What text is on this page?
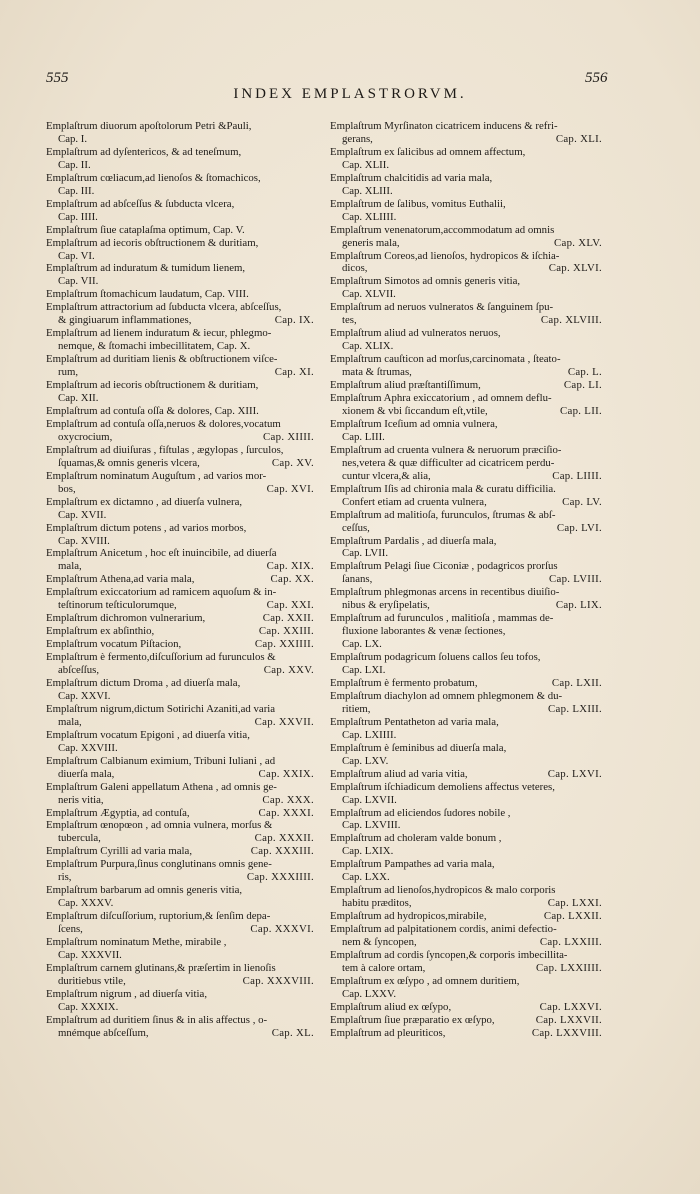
555	556
INDEX EMPLASTRORVM.
Emplaſtrum diuorum apoſtolorum Petri &Pauli,
Cap. I.
Emplaſtrum ad dyſentericos, & ad teneſmum,
Cap. II.
Emplaſtrum cœliacum,ad lienoſos & ſtomachicos,
Cap. III.
Emplaſtrum ad abſceſſus & ſubducta vlcera,
Cap. IIII.
Emplaſtrum ſiue cataplaſma optimum, Cap. V.
Emplaſtrum ad iecoris obſtructionem & duritiam,
Cap. VI.
Emplaſtrum ad induratum & tumidum lienem,
Cap. VII.
Emplaſtrum ſtomachicum laudatum, Cap. VIII.
Emplaſtrum attractorium ad ſubducta vlcera, abſceſſus,
& gingiuarum inflammationes,	Cap. IX.
Emplaſtrum ad lienem induratum & iecur, phlegmo-
nemque, & ſtomachi imbecillitatem, Cap. X.
Emplaſtrum ad duritiam lienis & obſtructionem viſce-
rum,	Cap. XI.
Emplaſtrum ad iecoris obſtructionem & duritiam,
Cap. XII.
Emplaſtrum ad contuſa oſſa & dolores, Cap. XIII.
Emplaſtrum ad contuſa oſſa,neruos & dolores,vocatum
oxycrocium,	Cap. XIIII.
Emplaſtrum ad diuiſuras , fiſtulas , ægylopas , ſurculos,
ſquamas,& omnis generis vlcera,	Cap. XV.
Emplaſtrum nominatum Auguſtum , ad varios mor-
bos,	Cap. XVI.
Emplaſtrum ex dictamno , ad diuerſa vulnera,
Cap. XVII.
Emplaſtrum dictum potens , ad varios morbos,
Cap. XVIII.
Emplaſtrum Anicetum , hoc eſt inuincibile, ad diuerſa
mala,	Cap. XIX.
Emplaſtrum Athena,ad varia mala,	Cap. XX.
Emplaſtrum exiccatorium ad ramicem aquoſum & in-
teſtinorum teſticulorumque,	Cap. XXI.
Emplaſtrum dichromon vulnerarium,	Cap. XXII.
Emplaſtrum ex abſinthio,	Cap. XXIII.
Emplaſtrum vocatum Piſtacion,	Cap. XXIIII.
Emplaſtrum è fermento,diſcuſſorium ad furunculos &
abſceſſus,	Cap. XXV.
Emplaſtrum dictum Droma , ad diuerſa mala,
Cap. XXVI.
Emplaſtrum nigrum,dictum Sotirichi Azaniti,ad varia
mala,	Cap. XXVII.
Emplaſtrum vocatum Epigoni , ad diuerſa vitia,
Cap. XXVIII.
Emplaſtrum Calbianum eximium, Tribuni Iuliani , ad
diuerſa mala,	Cap. XXIX.
Emplaſtrum Galeni appellatum Athena , ad omnis ge-
neris vitia,	Cap. XXX.
Emplaſtrum Ægyptia, ad contuſa,	Cap. XXXI.
Emplaſtrum œnopœon , ad omnia vulnera, morſus &
tubercula,	Cap. XXXII.
Emplaſtrum Cyrilli ad varia mala,	Cap. XXXIII.
Emplaſtrum Purpura,ſinus conglutinans omnis gene-
ris,	Cap. XXXIIII.
Emplaſtrum barbarum ad omnis generis vitia,
Cap. XXXV.
Emplaſtrum diſcuſſorium, ruptorium,& ſenſim depa-
ſcens,	Cap. XXXVI.
Emplaſtrum nominatum Methe, mirabile ,
Cap. XXXVII.
Emplaſtrum carnem glutinans,& præſertim in lienoſis
duritiebus vtile,	Cap. XXXVIII.
Emplaſtrum nigrum , ad diuerſa vitia,
Cap. XXXIX.
Emplaſtrum ad duritiem ſinus & in alis affectus , o-
mnémque abſceſſum,	Cap. XL.
Emplaſtrum Myrſinaton cicatricem inducens & refri-
gerans,	Cap. XLI.
Emplaſtrum ex ſalicibus ad omnem affectum,
Cap. XLII.
Emplaſtrum chalcitidis ad varia mala,
Cap. XLIII.
Emplaſtrum de ſalibus, vomitus Euthalii,
Cap. XLIIII.
Emplaſtrum venenatorum,accommodatum ad omnis
generis mala,	Cap. XLV.
Emplaſtrum Coreos,ad lienoſos, hydropicos & iſchia-
dicos,	Cap. XLVI.
Emplaſtrum Simotos ad omnis generis vitia,
Cap. XLVII.
Emplaſtrum ad neruos vulneratos & ſanguinem ſpu-
tes,	Cap. XLVIII.
Emplaſtrum aliud ad vulneratos neruos,
Cap. XLIX.
Emplaſtrum cauſticon ad morſus,carcinomata , ſteato-
mata & ſtrumas,	Cap. L.
Emplaſtrum aliud præſtantiſſimum,	Cap. LI.
Emplaſtrum Aphra exiccatorium , ad omnem deflu-
xionem & vbi ſiccandum eſt,vtile,	Cap. LII.
Emplaſtrum Iceſium ad omnia vulnera,
Cap. LIII.
Emplaſtrum ad cruenta vulnera & neruorum præciſio-
nes,vetera & quæ difficulter ad cicatricem perdu-
cuntur vlcera,& alia,	Cap. LIIII.
Emplaſtrum Iſis ad chironia mala & curatu difficilia.
Confert etiam ad cruenta vulnera,	Cap. LV.
Emplaſtrum ad malitioſa, furunculos, ſtrumas & abſ-
ceſſus,	Cap. LVI.
Emplaſtrum Pardalis , ad diuerſa mala,
Cap. LVII.
Emplaſtrum Pelagi ſiue Ciconiæ , podagricos prorſus
ſanans,	Cap. LVIII.
Emplaſtrum phlegmonas arcens in recentibus diuiſio-
nibus & eryſipelatis,	Cap. LIX.
Emplaſtrum ad furunculos , malitioſa , mammas de-
fluxione laborantes & venæ ſectiones,
Cap. LX.
Emplaſtrum podagricum ſoluens callos ſeu tofos,
Cap. LXI.
Emplaſtrum è fermento probatum,	Cap. LXII.
Emplaſtrum diachylon ad omnem phlegmonem & du-
ritiem,	Cap. LXIII.
Emplaſtrum Pentatheton ad varia mala,
Cap. LXIIII.
Emplaſtrum è ſeminibus ad diuerſa mala,
Cap. LXV.
Emplaſtrum aliud ad varia vitia,	Cap. LXVI.
Emplaſtrum iſchiadicum demoliens affectus veteres,
Cap. LXVII.
Emplaſtrum ad eliciendos ſudores nobile ,
Cap. LXVIII.
Emplaſtrum ad choleram valde bonum ,
Cap. LXIX.
Emplaſtrum Pampathes ad varia mala,
Cap. LXX.
Emplaſtrum ad lienoſos,hydropicos & malo corporis
habitu præditos,	Cap. LXXI.
Emplaſtrum ad hydropicos,mirabile,	Cap. LXXII.
Emplaſtrum ad palpitationem cordis, animi defectio-
nem & ſyncopen,	Cap. LXXIII.
Emplaſtrum ad cordis ſyncopen,& corporis imbecillita-
tem à calore ortam,	Cap. LXXIIII.
Emplaſtrum ex œſypo , ad omnem duritiem,
Cap. LXXV.
Emplaſtrum aliud ex œſypo,	Cap. LXXVI.
Emplaſtrum ſiue præparatio ex œſypo,	Cap. LXXVII.
Emplaſtrum ad pleuriticos,	Cap. LXXVIII.
